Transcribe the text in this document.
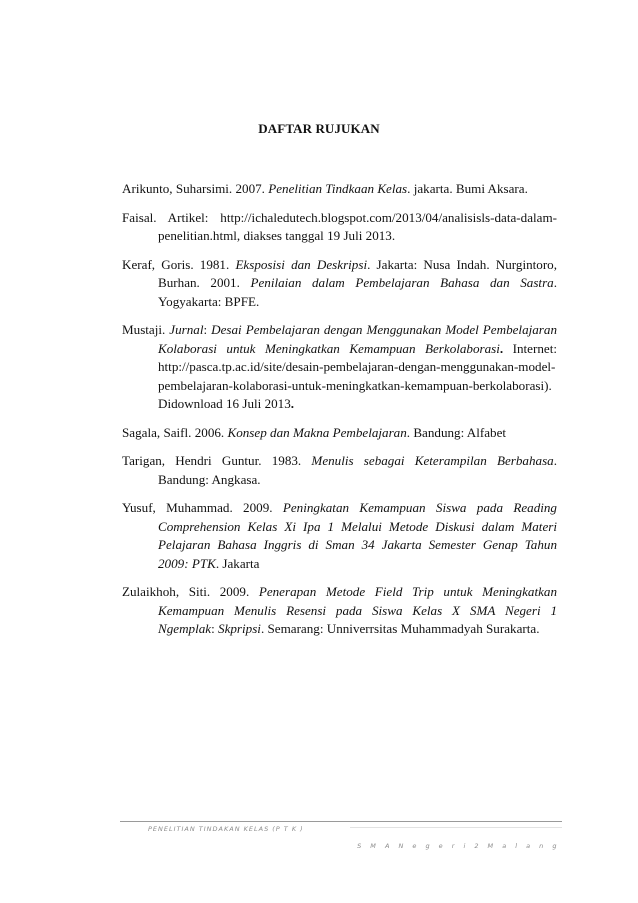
DAFTAR RUJUKAN

Arikunto, Suharsimi. 2007. Penelitian Tindkaan Kelas. jakarta. Bumi Aksara.

Faisal. Artikel: http://ichaledutech.blogspot.com/2013/04/analisisls-data-dalam-penelitian.html, diakses tanggal 19 Juli 2013.

Keraf, Goris. 1981. Eksposisi dan Deskripsi. Jakarta: Nusa Indah. Nurgintoro, Burhan. 2001. Penilaian dalam Pembelajaran Bahasa dan Sastra. Yogyakarta: BPFE.

Mustaji. Jurnal: Desai Pembelajaran dengan Menggunakan Model Pembelajaran Kolaborasi untuk Meningkatkan Kemampuan Berkolaborasi. Internet: http://pasca.tp.ac.id/site/desain-pembelajaran-dengan-menggunakan-model-pembelajaran-kolaborasi-untuk-meningkatkan-kemampuan-berkolaborasi). Didownload 16 Juli 2013.

Sagala, Saifl. 2006. Konsep dan Makna Pembelajaran. Bandung: Alfabet

Tarigan, Hendri Guntur. 1983. Menulis sebagai Keterampilan Berbahasa. Bandung: Angkasa.

Yusuf, Muhammad. 2009. Peningkatan Kemampuan Siswa pada Reading Comprehension Kelas Xi Ipa 1 Melalui Metode Diskusi dalam Materi Pelajaran Bahasa Inggris di Sman 34 Jakarta Semester Genap Tahun 2009: PTK. Jakarta

Zulaikhoh, Siti. 2009. Penerapan Metode Field Trip untuk Meningkatkan Kemampuan Menulis Resensi pada Siswa Kelas X SMA Negeri 1 Ngemplak: Skpripsi. Semarang: Unniverrsitas Muhammadyah Surakarta.

PENELITIAN TINDAKAN KELAS (P T K )
S M A N e g e r i 2 M a l a n g
